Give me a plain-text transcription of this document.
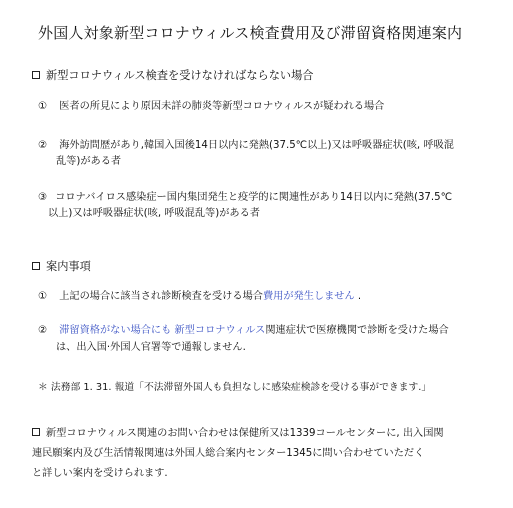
外国人対象新型コロナウィルス検査費用及び滞留資格関連案内
新型コロナウィルス検査を受けなければならない場合
① 医者の所見により原因未詳の肺炎等新型コロナウィルスが疑われる場合
② 海外訪問歴があり,韓国入国後14日以内に発熱(37.5℃以上)又は呼吸器症状(咳, 呼吸混
乱等)がある者
③ コロナバイロス感染症ー国内集団発生と疫学的に関連性があり14日以内に発熱(37.5℃
以上)又は呼吸器症状(咳, 呼吸混乱等)がある者
案内事項
① 上記の場合に該当され診断検査を受ける場合費用が発生しません .
② 滞留資格がない場合にも 新型コロナウィルス関連症状で医療機関で診断を受けた場合
は、出入国·外国人官署等で通報しません.
＊ 法務部 1. 31. 報道「不法滞留外国人も負担なしに感染症検診を受ける事ができます.」
新型コロナウィルス関連のお問い合わせは保健所又は1339コールセンターに, 出入国関
連民願案内及び生活情報関連は外国人総合案内センター1345に問い合わせていただく
と詳しい案内を受けられます.
